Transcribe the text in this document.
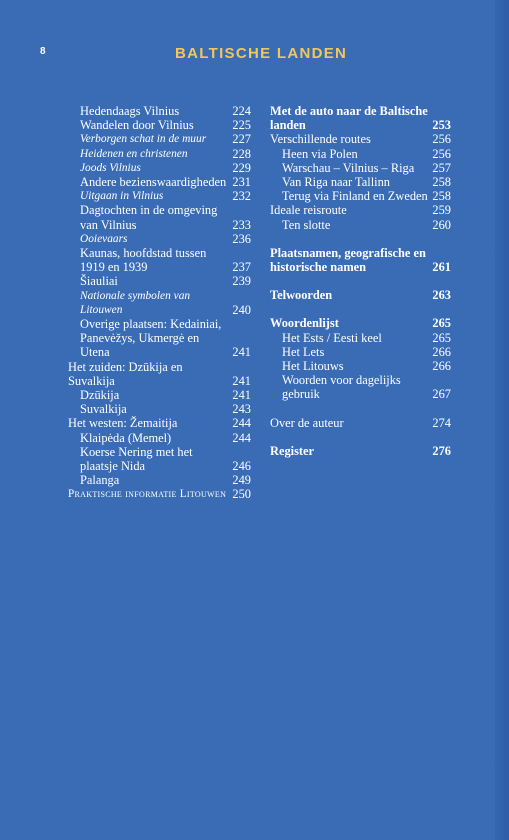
8	BALTISCHE LANDEN
Hedendaags Vilnius	224
Wandelen door Vilnius	225
Verborgen schat in de muur	227
Heidenen en christenen	228
Joods Vilnius	229
Andere bezienswaardigheden 231
Uitgaan in Vilnius	232
Dagtochten in de omgeving van Vilnius	233
Ooievaars	236
Kaunas, hoofdstad tussen 1919 en 1939	237
Šiauliai	239
Nationale symbolen van Litouwen	240
Overige plaatsen: Kedainiai, Panevėžys, Ukmergė en Utena	241
Het zuiden: Dzūkija en Suvalkija	241
Dzūkija	241
Suvalkija	243
Het westen: Žemaitija	244
Klaipėda (Memel)	244
Koerse Nering met het plaatsje Nida	246
Palanga	249
Praktische informatie Litouwen 250
Met de auto naar de Baltische landen	253
Verschillende routes	256
Heen via Polen	256
Warschau – Vilnius – Riga	257
Van Riga naar Tallinn	258
Terug via Finland en Zweden 258
Ideale reisroute	259
Ten slotte	260
Plaatsnamen, geografische en historische namen	261
Telwoorden	263
Woordenlijst	265
Het Ests / Eesti keel	265
Het Lets	266
Het Litouws	266
Woorden voor dagelijks gebruik	267
Over de auteur	274
Register	276
